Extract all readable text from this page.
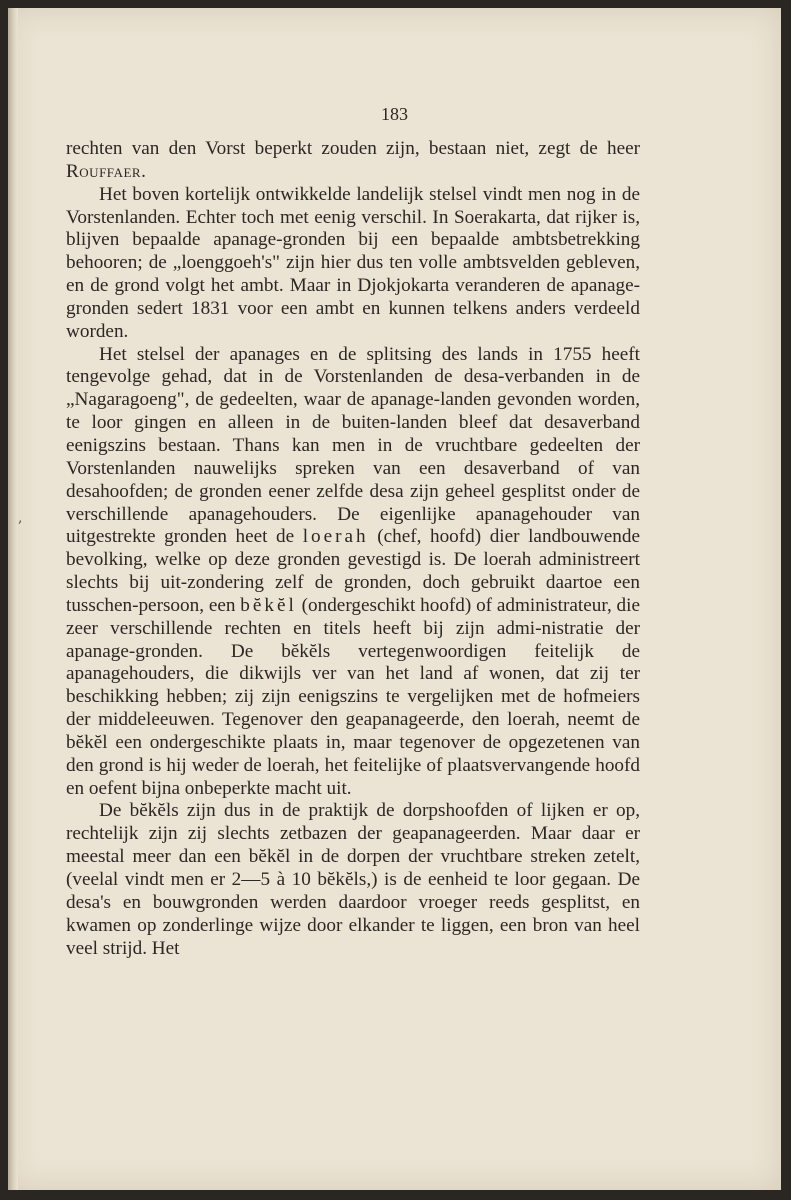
,
183

rechten van den Vorst beperkt zouden zijn, bestaan niet, zegt de heer Rouffaer.

Het boven kortelijk ontwikkelde landelijk stelsel vindt men nog in de Vorstenlanden. Echter toch met eenig verschil. In Soerakarta, dat rijker is, blijven bepaalde apanage-gronden bij een bepaalde ambtsbetrekking behooren; de „loenggoeh's" zijn hier dus ten volle ambtsvelden gebleven, en de grond volgt het ambt. Maar in Djokjokarta veranderen de apanage-gronden sedert 1831 voor een ambt en kunnen telkens anders verdeeld worden.

Het stelsel der apanages en de splitsing des lands in 1755 heeft tengevolge gehad, dat in de Vorstenlanden de desa-verbanden in de „Nagaragoeng", de gedeelten, waar de apanage-landen gevonden worden, te loor gingen en alleen in de buiten-landen bleef dat desaverband eenigszins bestaan. Thans kan men in de vruchtbare gedeelten der Vorstenlanden nauwelijks spreken van een desaverband of van desahoofden; de gronden eener zelfde desa zijn geheel gesplitst onder de verschillende apanagehouders. De eigenlijke apanagehouder van uitgestrekte gronden heet de loerah (chef, hoofd) dier landbouwende bevolking, welke op deze gronden gevestigd is. De loerah administreert slechts bij uit-zondering zelf de gronden, doch gebruikt daartoe een tusschen-persoon, een bĕkĕl (ondergeschikt hoofd) of administrateur, die zeer verschillende rechten en titels heeft bij zijn admi-nistratie der apanage-gronden. De bĕkĕls vertegenwoordigen feitelijk de apanagehouders, die dikwijls ver van het land af wonen, dat zij ter beschikking hebben; zij zijn eenigszins te vergelijken met de hofmeiers der middeleeuwen. Tegenover den geapanageerde, den loerah, neemt de bĕkĕl een ondergeschikte plaats in, maar tegenover de opgezetenen van den grond is hij weder de loerah, het feitelijke of plaatsvervangende hoofd en oefent bijna onbeperkte macht uit.

De bĕkĕls zijn dus in de praktijk de dorpshoofden of lijken er op, rechtelijk zijn zij slechts zetbazen der geapanageerden. Maar daar er meestal meer dan een bĕkĕl in de dorpen der vruchtbare streken zetelt, (veelal vindt men er 2—5 à 10 bĕkĕls,) is de eenheid te loor gegaan. De desa's en bouwgronden werden daardoor vroeger reeds gesplitst, en kwamen op zonderlinge wijze door elkander te liggen, een bron van heel veel strijd. Het
